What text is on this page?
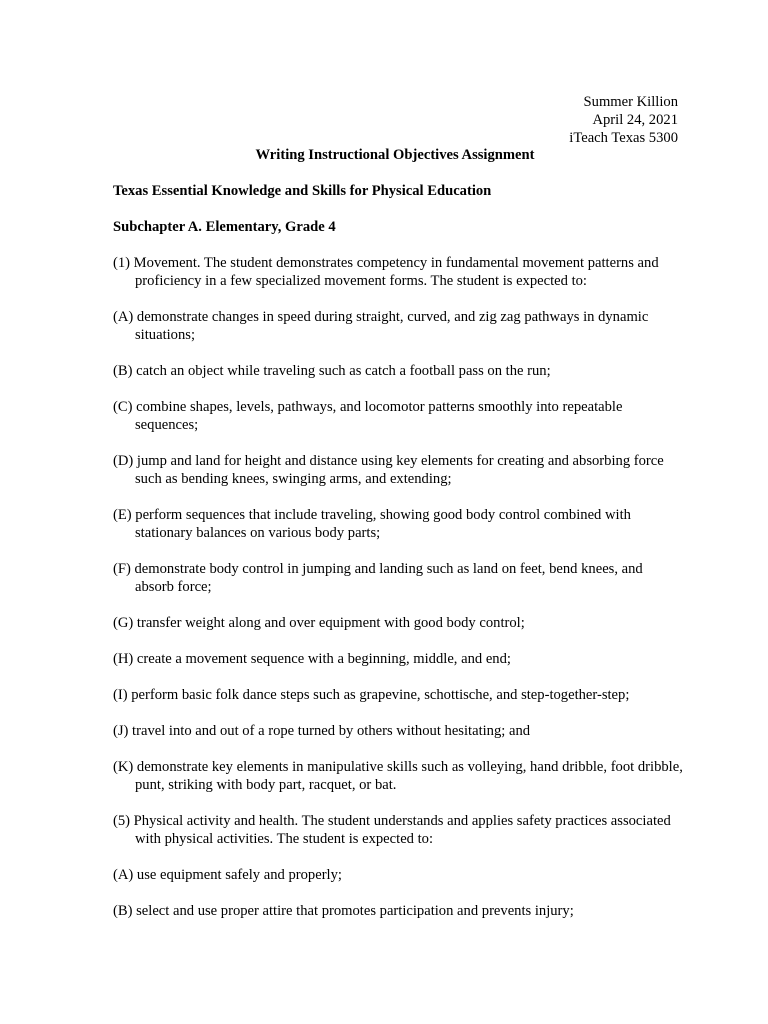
Summer Killion
April 24, 2021
iTeach Texas 5300
Writing Instructional Objectives Assignment
Texas Essential Knowledge and Skills for Physical Education
Subchapter A. Elementary, Grade 4
(1) Movement. The student demonstrates competency in fundamental movement patterns and proficiency in a few specialized movement forms. The student is expected to:
(A) demonstrate changes in speed during straight, curved, and zig zag pathways in dynamic situations;
(B) catch an object while traveling such as catch a football pass on the run;
(C) combine shapes, levels, pathways, and locomotor patterns smoothly into repeatable sequences;
(D) jump and land for height and distance using key elements for creating and absorbing force such as bending knees, swinging arms, and extending;
(E) perform sequences that include traveling, showing good body control combined with stationary balances on various body parts;
(F) demonstrate body control in jumping and landing such as land on feet, bend knees, and absorb force;
(G) transfer weight along and over equipment with good body control;
(H) create a movement sequence with a beginning, middle, and end;
(I) perform basic folk dance steps such as grapevine, schottische, and step-together-step;
(J) travel into and out of a rope turned by others without hesitating; and
(K) demonstrate key elements in manipulative skills such as volleying, hand dribble, foot dribble, punt, striking with body part, racquet, or bat.
(5) Physical activity and health. The student understands and applies safety practices associated with physical activities. The student is expected to:
(A) use equipment safely and properly;
(B) select and use proper attire that promotes participation and prevents injury;
